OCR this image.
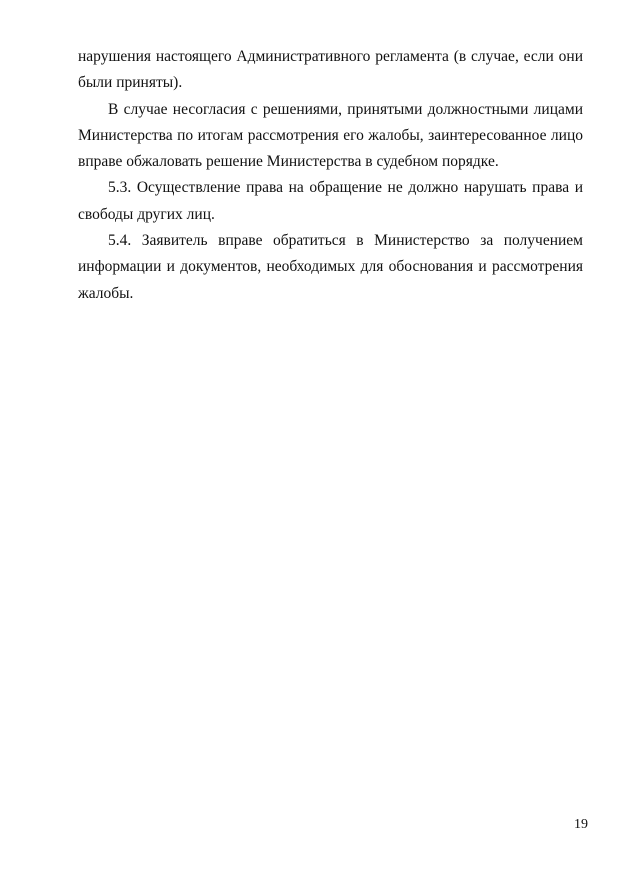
нарушения настоящего Административного регламента (в случае, если они были приняты).

В случае несогласия с решениями, принятыми должностными лицами Министерства по итогам рассмотрения его жалобы, заинтересованное лицо вправе обжаловать решение Министерства в судебном порядке.

5.3. Осуществление права на обращение не должно нарушать права и свободы других лиц.

5.4. Заявитель вправе обратиться в Министерство за получением информации и документов, необходимых для обоснования и рассмотрения жалобы.

19
